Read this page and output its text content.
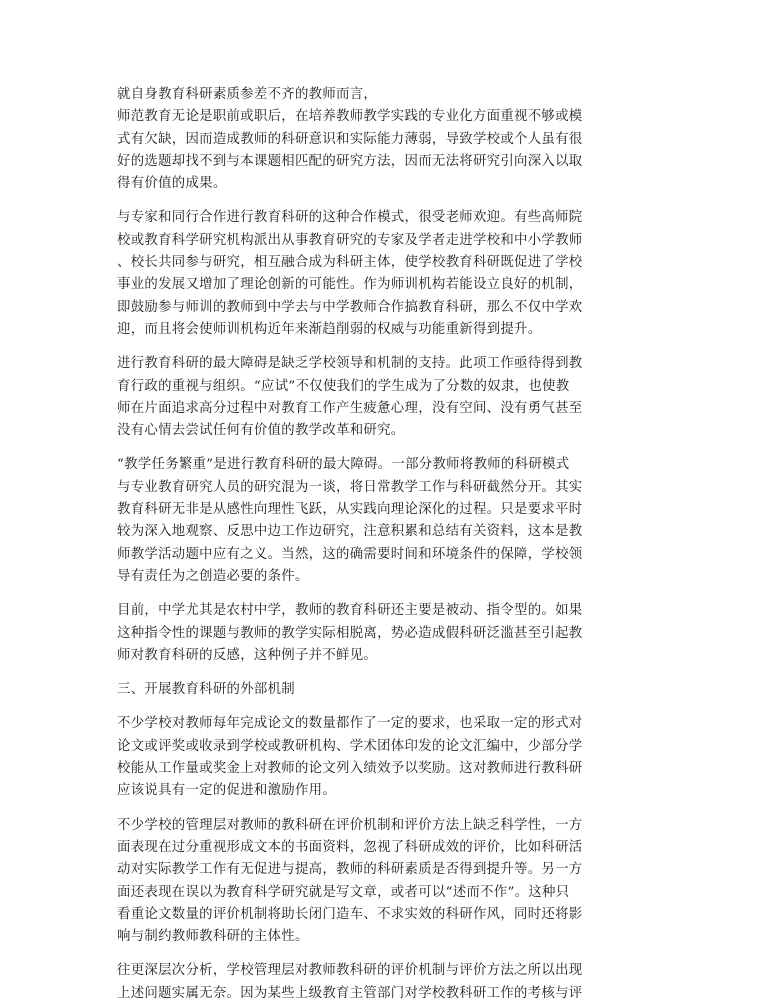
就自身教育科研素质参差不齐的教师而言，
师范教育无论是职前或职后，在培养教师教学实践的专业化方面重视不够或模
式有欠缺，因而造成教师的科研意识和实际能力薄弱，导致学校或个人虽有很
好的选题却找不到与本课题相匹配的研究方法，因而无法将研究引向深入以取
得有价值的成果。
与专家和同行合作进行教育科研的这种合作模式，很受老师欢迎。有些高师院
校或教育科学研究机构派出从事教育研究的专家及学者走进学校和中小学教师
、校长共同参与研究，相互融合成为科研主体，使学校教育科研既促进了学校
事业的发展又增加了理论创新的可能性。作为师训机构若能设立良好的机制，
即鼓励参与师训的教师到中学去与中学教师合作搞教育科研，那么不仅中学欢
迎，而且将会使师训机构近年来渐趋削弱的权威与功能重新得到提升。
进行教育科研的最大障碍是缺乏学校领导和机制的支持。此项工作亟待得到教
育行政的重视与组织。“应试”不仅使我们的学生成为了分数的奴隶，也使教
师在片面追求高分过程中对教育工作产生疲惫心理，没有空间、没有勇气甚至
没有心情去尝试任何有价值的教学改革和研究。
“教学任务繁重”是进行教育科研的最大障碍。一部分教师将教师的科研模式
与专业教育研究人员的研究混为一谈，将日常教学工作与科研截然分开。其实
教育科研无非是从感性向理性飞跃，从实践向理论深化的过程。只是要求平时
较为深入地观察、反思中边工作边研究，注意积累和总结有关资料，这本是教
师教学活动题中应有之义。当然，这的确需要时间和环境条件的保障，学校领
导有责任为之创造必要的条件。
目前，中学尤其是农村中学，教师的教育科研还主要是被动、指令型的。如果
这种指令性的课题与教师的教学实际相脱离，势必造成假科研泛滥甚至引起教
师对教育科研的反感，这种例子并不鲜见。
三、开展教育科研的外部机制
不少学校对教师每年完成论文的数量都作了一定的要求，也采取一定的形式对
论文或评奖或收录到学校或教研机构、学术团体印发的论文汇编中，少部分学
校能从工作量或奖金上对教师的论文列入绩效予以奖励。这对教师进行教科研
应该说具有一定的促进和激励作用。
不少学校的管理层对教师的教科研在评价机制和评价方法上缺乏科学性，一方
面表现在过分重视形成文本的书面资料，忽视了科研成效的评价，比如科研活
动对实际教学工作有无促进与提高，教师的科研素质是否得到提升等。另一方
面还表现在误以为教育科学研究就是写文章，或者可以“述而不作”。这种只
看重论文数量的评价机制将助长闭门造车、不求实效的科研作风，同时还将影
响与制约教师教科研的主体性。
往更深层次分析，学校管理层对教师教科研的评价机制与评价方法之所以出现
上述问题实属无奈。因为某些上级教育主管部门对学校教科研工作的考核与评
